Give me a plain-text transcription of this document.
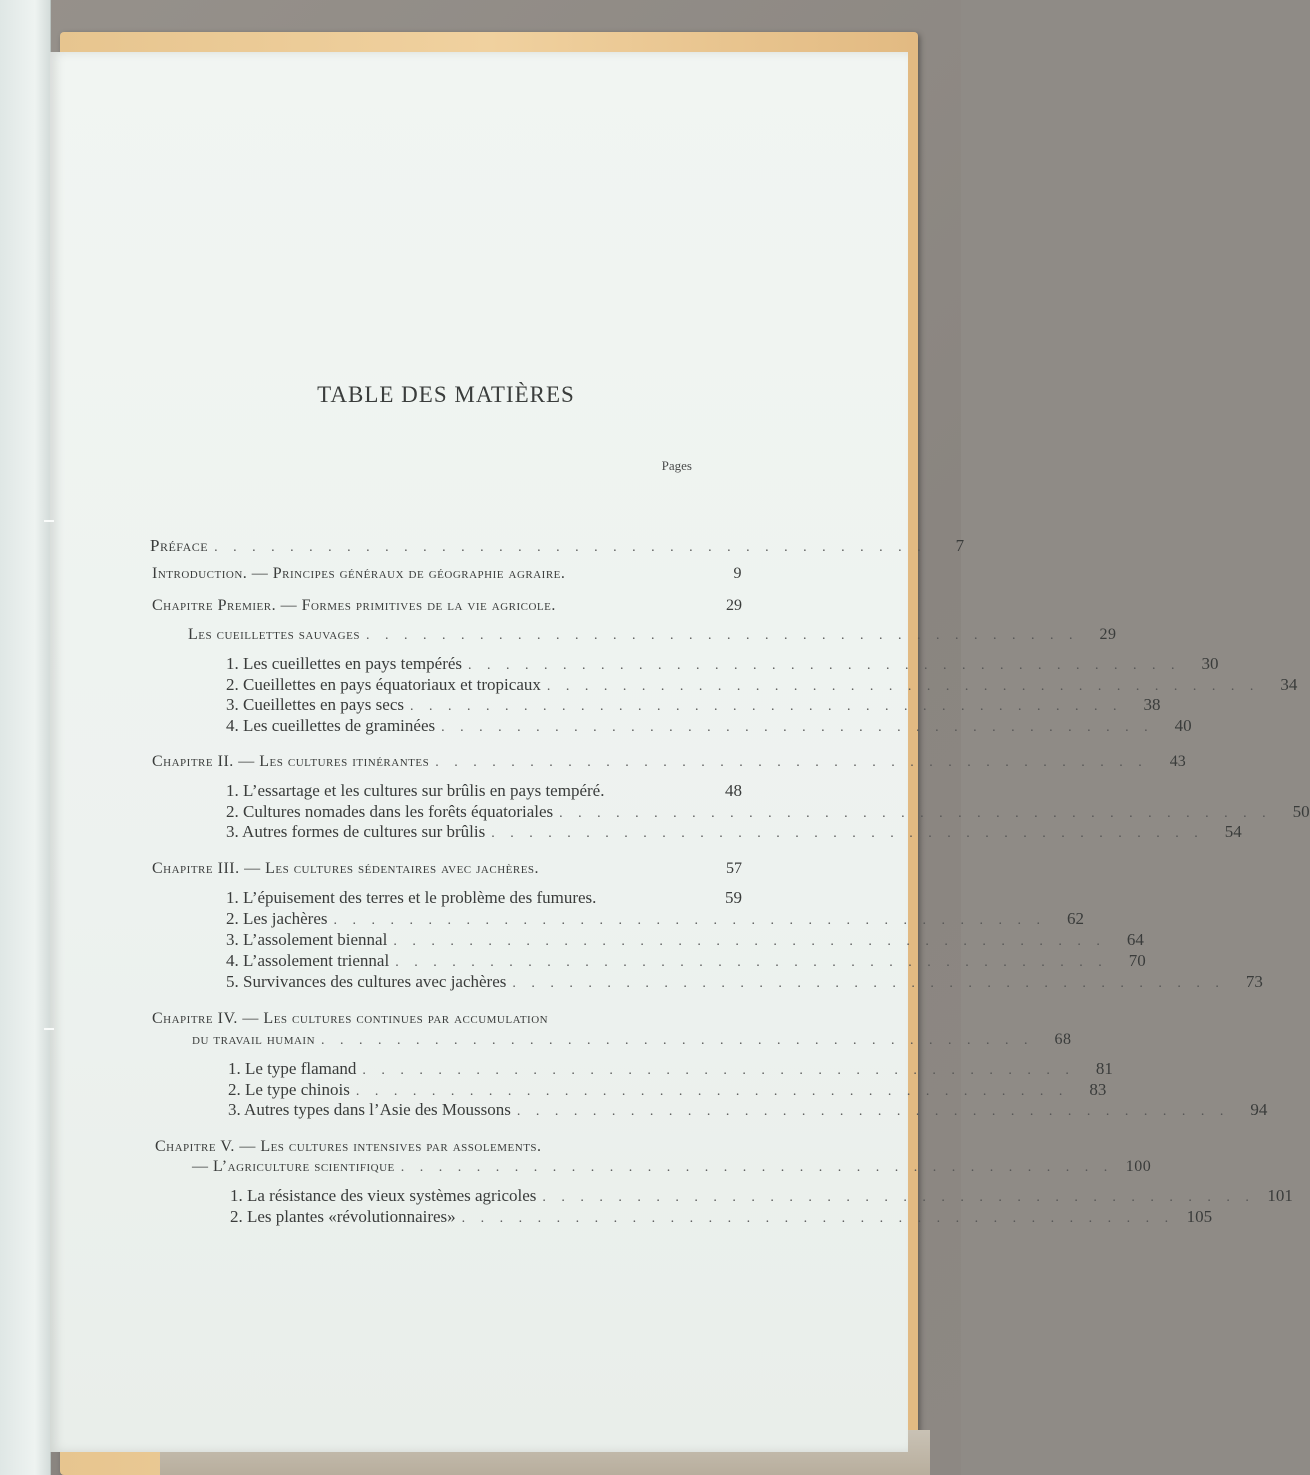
TABLE DES MATIÈRES
Pages
Préface . . . . . . . . . . . . . . . . . . . . . . . . . . . . . . . . . . . . . .	7
Introduction. — Principes généraux de géographie agraire.	9
Chapitre Premier. — Formes primitives de la vie agricole.	29
Les cueillettes sauvages . . . . . . . . . . . . . . . . . . . . . . . . . . . . . . . . . . . . . .	29
1. Les cueillettes en pays tempérés . . . . . . . . . . . . . . . . . . . . . . . . . . . . . . . . . . . . . .	30
2. Cueillettes en pays équatoriaux et tropicaux . . . . . . . . . . . . . . . . . . . . . . . . . . . . . . . . . . . . . .	34
3. Cueillettes en pays secs . . . . . . . . . . . . . . . . . . . . . . . . . . . . . . . . . . . . . .	38
4. Les cueillettes de graminées . . . . . . . . . . . . . . . . . . . . . . . . . . . . . . . . . . . . . .	40
Chapitre II. — Les cultures itinérantes . . . . . . . . . . . . . . . . . . . . . . . . . . . . . . . . . . . . . .	43
1. L’essartage et les cultures sur brûlis en pays tempéré.	48
2. Cultures nomades dans les forêts équatoriales . . . . . . . . . . . . . . . . . . . . . . . . . . . . . . . . . . . . . .	50
3. Autres formes de cultures sur brûlis . . . . . . . . . . . . . . . . . . . . . . . . . . . . . . . . . . . . . .	54
Chapitre III. — Les cultures sédentaires avec jachères.	57
1. L’épuisement des terres et le problème des fumures.	59
2. Les jachères . . . . . . . . . . . . . . . . . . . . . . . . . . . . . . . . . . . . . .	62
3. L’assolement biennal . . . . . . . . . . . . . . . . . . . . . . . . . . . . . . . . . . . . . .	64
4. L’assolement triennal . . . . . . . . . . . . . . . . . . . . . . . . . . . . . . . . . . . . . .	70
5. Survivances des cultures avec jachères . . . . . . . . . . . . . . . . . . . . . . . . . . . . . . . . . . . . . .	73
Chapitre IV. — Les cultures continues par accumulation
du travail humain . . . . . . . . . . . . . . . . . . . . . . . . . . . . . . . . . . . . . .	68
1. Le type flamand . . . . . . . . . . . . . . . . . . . . . . . . . . . . . . . . . . . . . .	81
2. Le type chinois . . . . . . . . . . . . . . . . . . . . . . . . . . . . . . . . . . . . . .	83
3. Autres types dans l’Asie des Moussons . . . . . . . . . . . . . . . . . . . . . . . . . . . . . . . . . . . . . .	94
Chapitre V. — Les cultures intensives par assolements.
— L’agriculture scientifique . . . . . . . . . . . . . . . . . . . . . . . . . . . . . . . . . . . . . . 100
1. La résistance des vieux systèmes agricoles . . . . . . . . . . . . . . . . . . . . . . . . . . . . . . . . . . . . . . 101
2. Les plantes «révolutionnaires» . . . . . . . . . . . . . . . . . . . . . . . . . . . . . . . . . . . . . . 105
